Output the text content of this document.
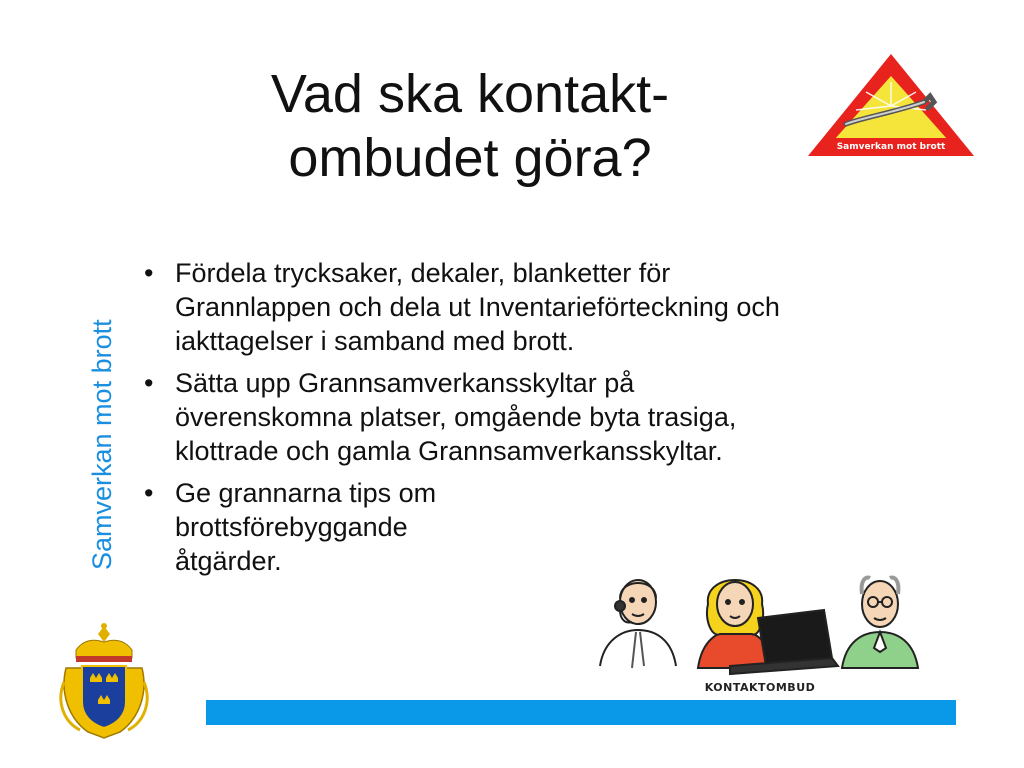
Vad ska kontakt-
ombudet göra?	Samverkan mot brott
Samverkan mot brott
• Fördela trycksaker, dekaler, blanketter för
Grannlappen och dela ut Inventarieförteckning och
iakttagelser i samband med brott.
• Sätta upp Grannsamverkansskyltar på
överenskomna platser, omgående byta trasiga,
klottrade och gamla Grannsamverkansskyltar.
• Ge grannarna tips om
brottsförebyggande
åtgärder.
KONTAKTOMBUD
